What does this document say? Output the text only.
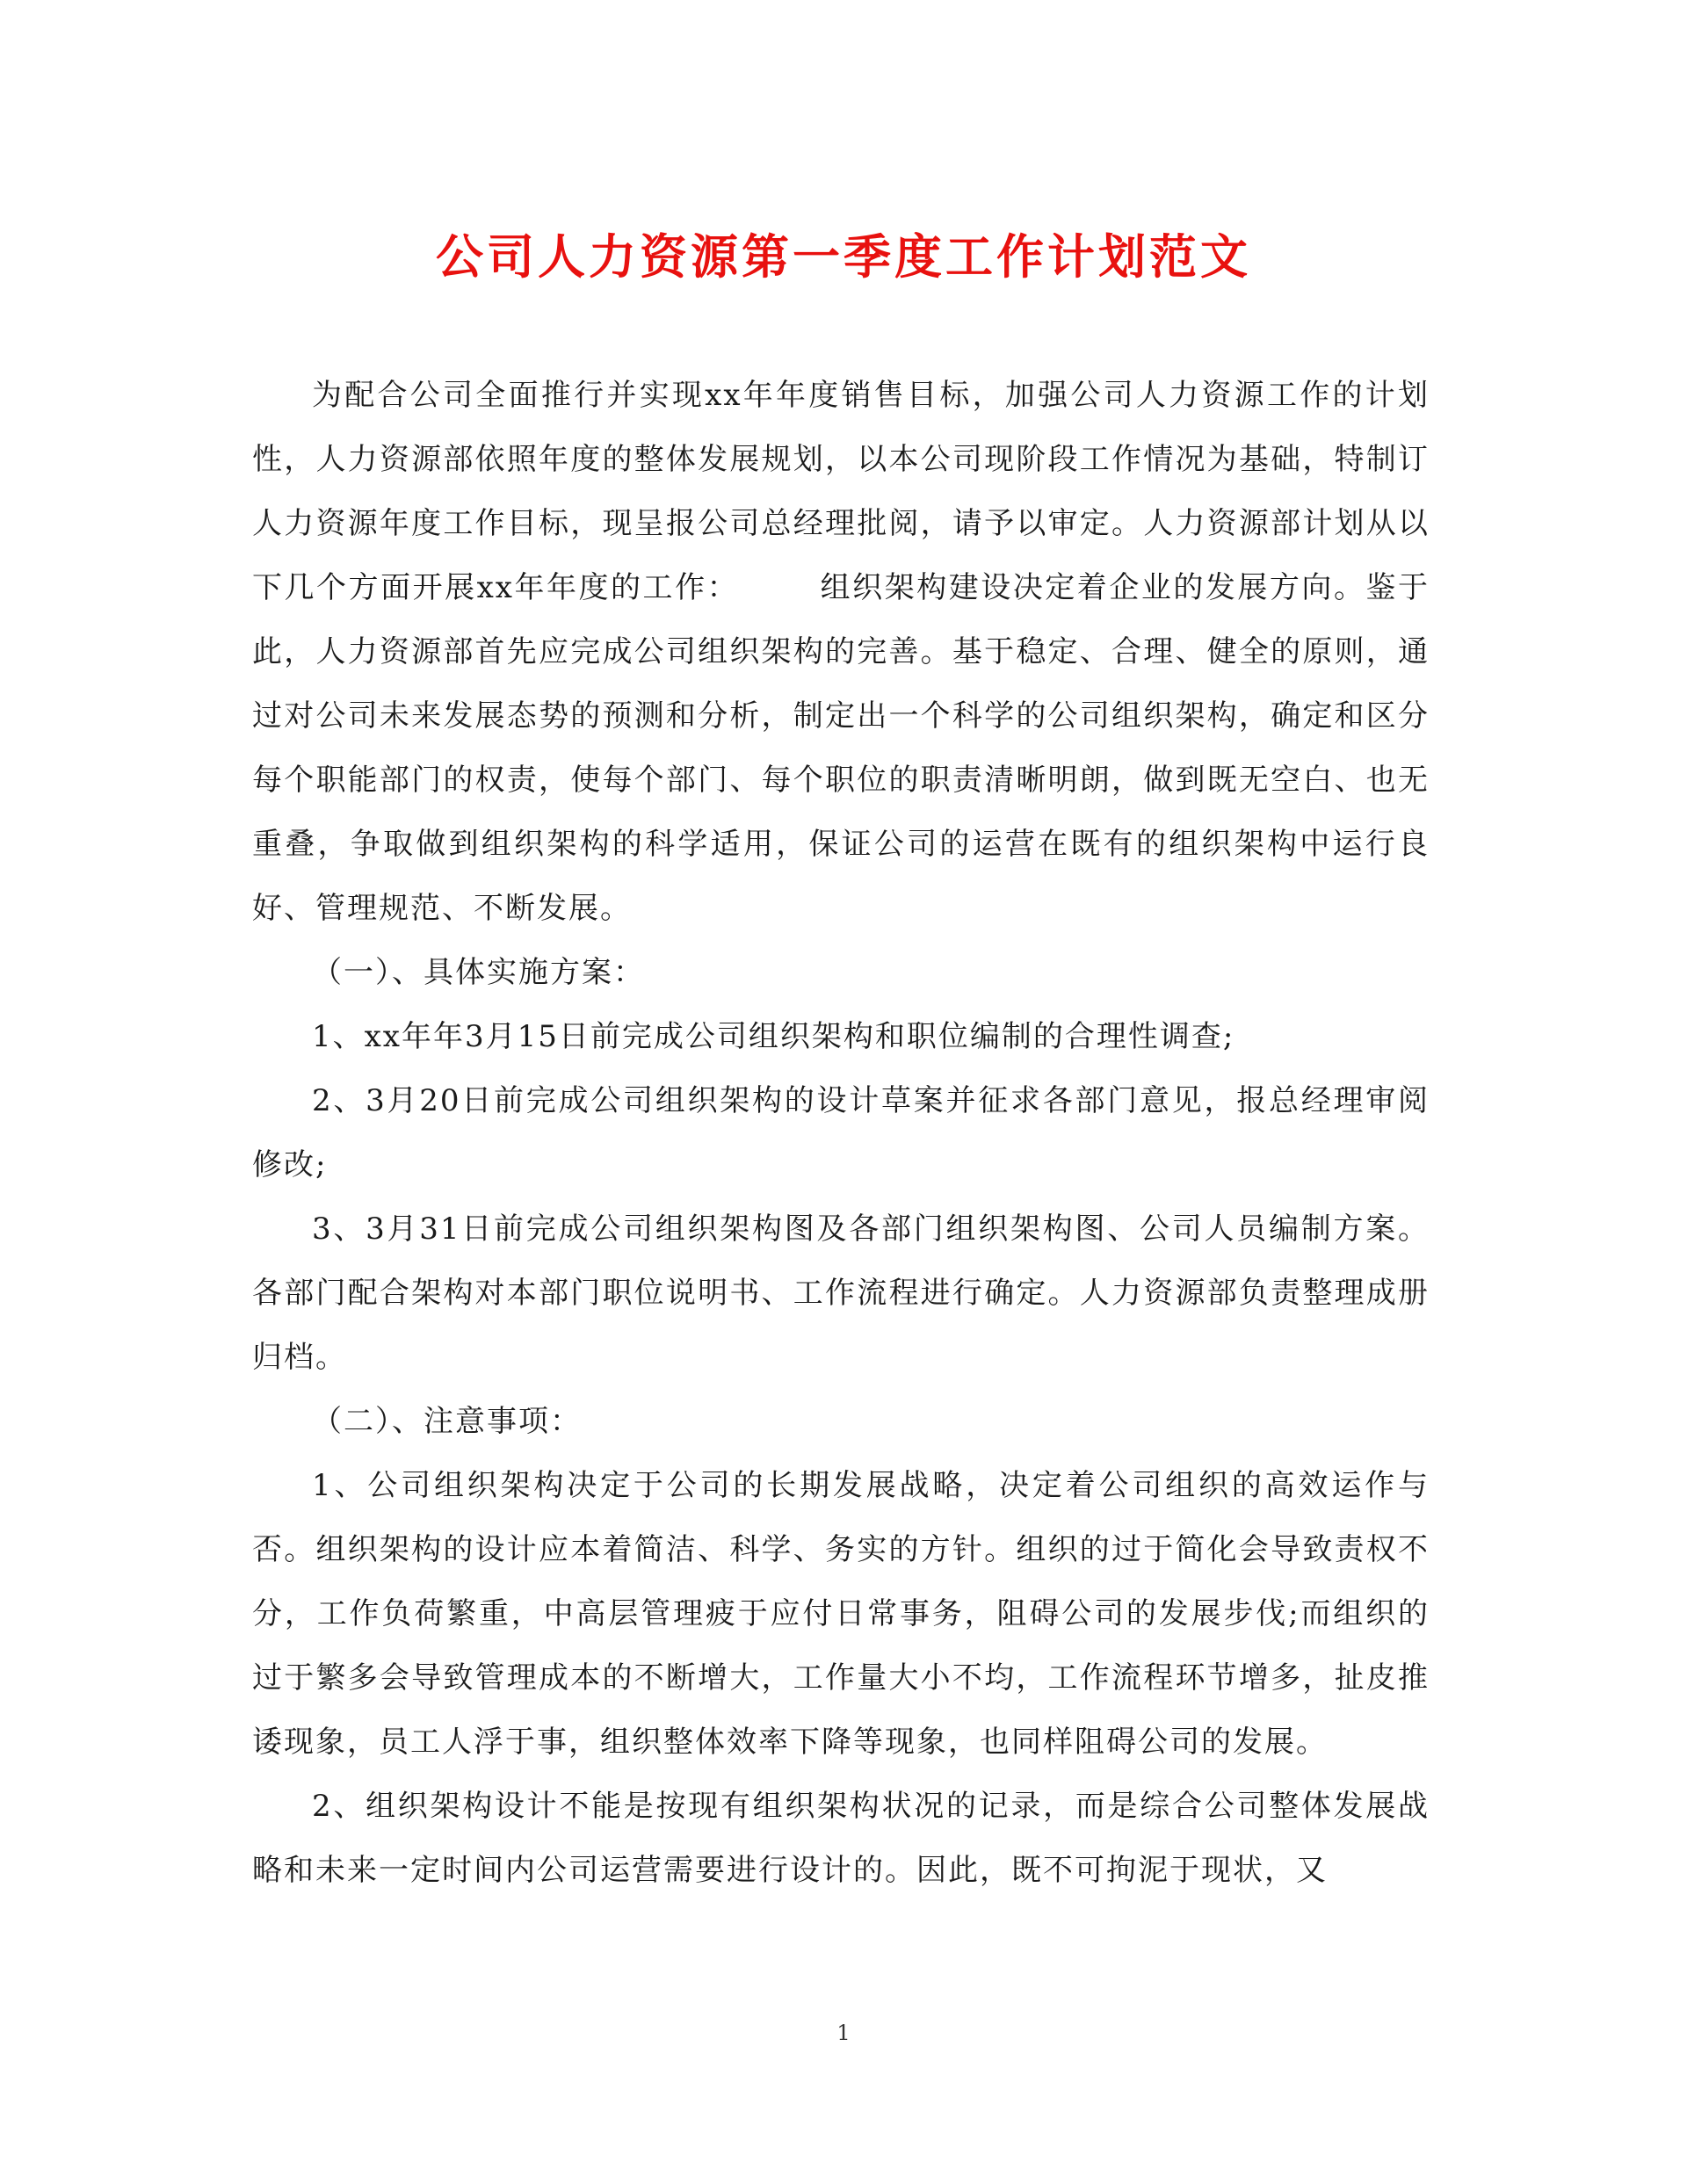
公司人力资源第一季度工作计划范文

为配合公司全面推行并实现xx年年度销售目标，加强公司人力资源工作的计划性，人力资源部依照年度的整体发展规划，以本公司现阶段工作情况为基础，特制订人力资源年度工作目标，现呈报公司总经理批阅，请予以审定。人力资源部计划从以下几个方面开展xx年年度的工作：　　　组织架构建设决定着企业的发展方向。鉴于此，人力资源部首先应完成公司组织架构的完善。基于稳定、合理、健全的原则，通过对公司未来发展态势的预测和分析，制定出一个科学的公司组织架构，确定和区分每个职能部门的权责，使每个部门、每个职位的职责清晰明朗，做到既无空白、也无重叠，争取做到组织架构的科学适用，保证公司的运营在既有的组织架构中运行良好、管理规范、不断发展。

（一）、具体实施方案：

1、xx年年3月15日前完成公司组织架构和职位编制的合理性调查;

2、3月20日前完成公司组织架构的设计草案并征求各部门意见，报总经理审阅修改;

3、3月31日前完成公司组织架构图及各部门组织架构图、公司人员编制方案。各部门配合架构对本部门职位说明书、工作流程进行确定。人力资源部负责整理成册归档。

（二）、注意事项：

1、公司组织架构决定于公司的长期发展战略，决定着公司组织的高效运作与否。组织架构的设计应本着简洁、科学、务实的方针。组织的过于简化会导致责权不分，工作负荷繁重，中高层管理疲于应付日常事务，阻碍公司的发展步伐;而组织的过于繁多会导致管理成本的不断增大，工作量大小不均，工作流程环节增多，扯皮推诿现象，员工人浮于事，组织整体效率下降等现象，也同样阻碍公司的发展。

2、组织架构设计不能是按现有组织架构状况的记录，而是综合公司整体发展战略和未来一定时间内公司运营需要进行设计的。因此，既不可拘泥于现状，又

1
